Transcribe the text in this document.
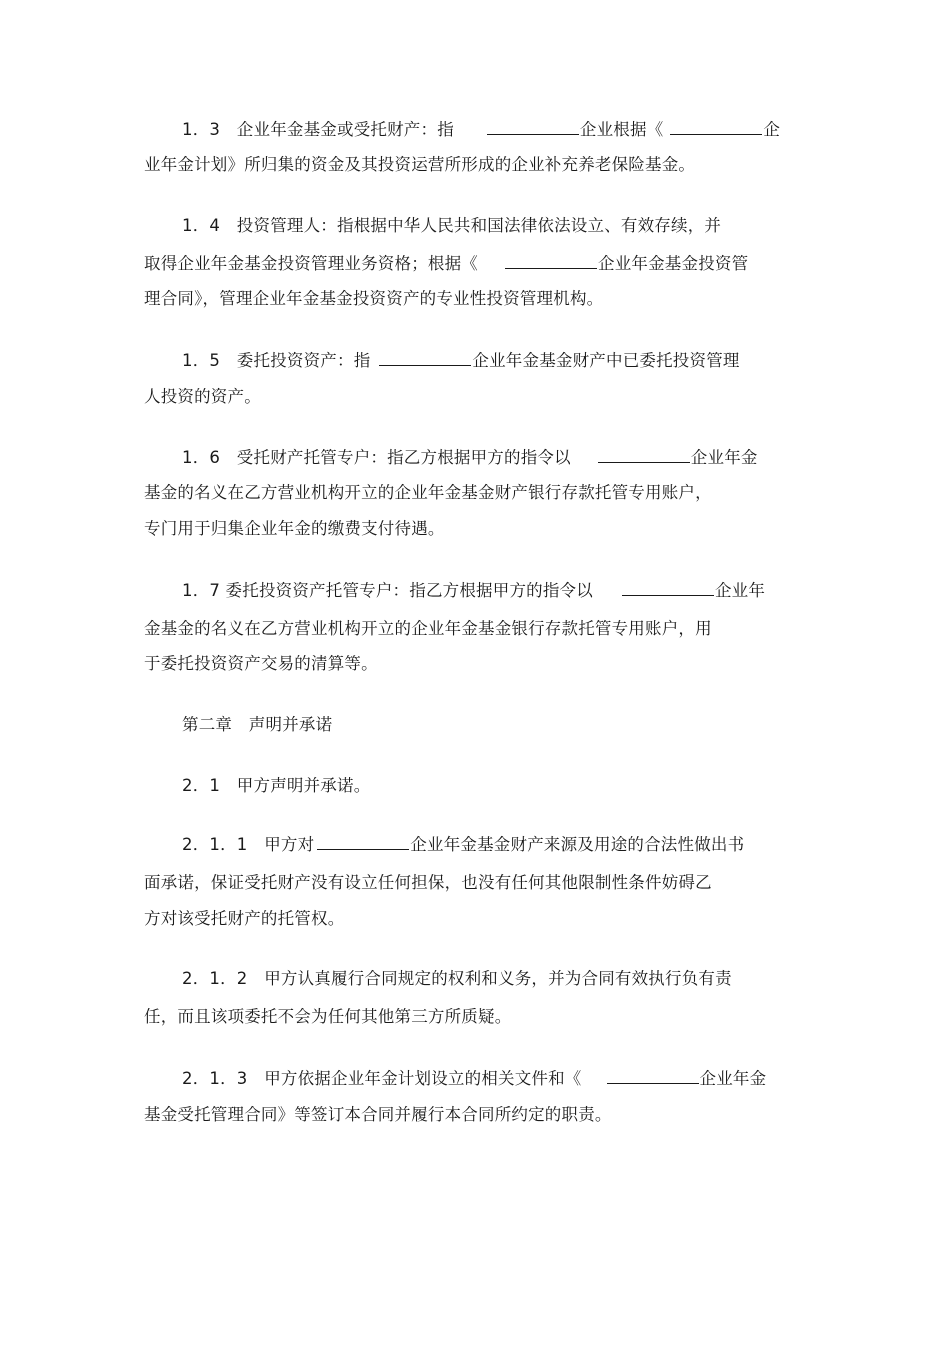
1．3　企业年金基金或受托财产：指	企业根据《	企
业年金计划》所归集的资金及其投资运营所形成的企业补充养老保险基金。
1．4　投资管理人：指根据中华人民共和国法律依法设立、有效存续，并
取得企业年金基金投资管理业务资格；根据《	企业年金基金投资管
理合同》，管理企业年金基金投资资产的专业性投资管理机构。
1．5　委托投资资产：指	企业年金基金财产中已委托投资管理
人投资的资产。
1．6　受托财产托管专户：指乙方根据甲方的指令以	企业年金
基金的名义在乙方营业机构开立的企业年金基金财产银行存款托管专用账户，
专门用于归集企业年金的缴费支付待遇。
1．7 委托投资资产托管专户：指乙方根据甲方的指令以	企业年
金基金的名义在乙方营业机构开立的企业年金基金银行存款托管专用账户，用
于委托投资资产交易的清算等。
第二章　声明并承诺
2．1　甲方声明并承诺。
2．1．1　甲方对	企业年金基金财产来源及用途的合法性做出书
面承诺，保证受托财产没有设立任何担保，也没有任何其他限制性条件妨碍乙
方对该受托财产的托管权。
2．1．2　甲方认真履行合同规定的权利和义务，并为合同有效执行负有责
任，而且该项委托不会为任何其他第三方所质疑。
2．1．3　甲方依据企业年金计划设立的相关文件和《	企业年金
基金受托管理合同》等签订本合同并履行本合同所约定的职责。
